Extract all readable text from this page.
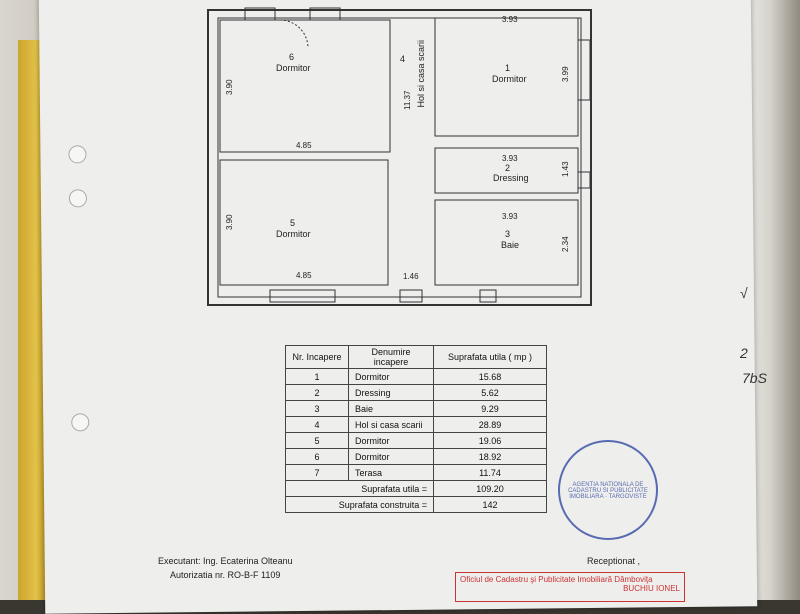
6
Dormitor
4 Hol si casa scarii	1
Dormitor
2
Dressing
5
Dormitor	3
Baie
3.90
4.85
11.37
3.90
4.85
3.93
3.99
3.93
1.43
3.93
2.34
1.46
Nr. Incapere	Denumire incapere	Suprafata utila ( mp )
1	Dormitor	15.68
2	Dressing	5.62
3	Baie	9.29
4	Hol si casa scarii	28.89
5	Dormitor	19.06
6	Dormitor	18.92
7	Terasa	11.74
Suprafata utila =		109.20
Suprafata construita =		142
Executant: Ing. Ecaterina Olteanu
Autorizatia nr. RO-B-F 1109
Receptionat ,
AGENTIA NATIONALA DE CADASTRU SI PUBLICITATE IMOBILIARA · TARGOVISTE
Oficiul de Cadastru şi Publicitate Imobiliară Dâmboviţa
BUCHIU IONEL
2
√
7bS
